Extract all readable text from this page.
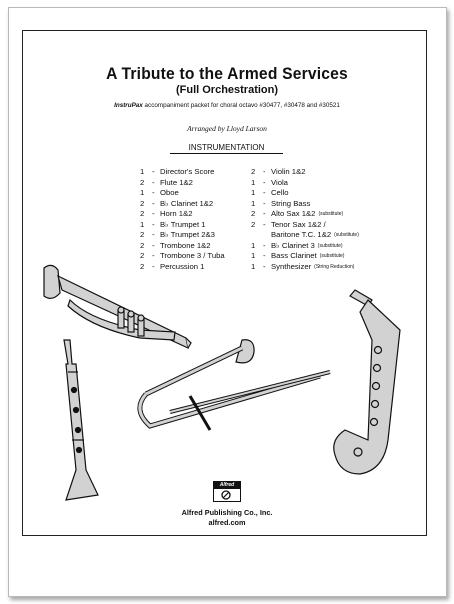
A Tribute to the Armed Services
(Full Orchestration)
InstruPax accompaniment packet for choral octavo #30477, #30478 and #30521
Arranged by Lloyd Larson
INSTRUMENTATION
1	- Director's Score
2	- Flute 1&2
1	- Oboe
2	- B♭ Clarinet 1&2
2	- Horn 1&2
1	- B♭ Trumpet 1
2	- B♭ Trumpet 2&3
2	- Trombone 1&2
2	- Trombone 3 / Tuba
2	- Percussion 1
2	- Violin 1&2
1	- Viola
1	- Cello
1	- String Bass
2	- Alto Sax 1&2 (substitute)
2	- Tenor Sax 1&2 /
Baritone T.C. 1&2 (substitute)
1	- B♭ Clarinet 3 (substitute)
1	- Bass Clarinet (substitute)
1	- Synthesizer (String Reduction)
Alfred
Alfred Publishing Co., Inc.
alfred.com
